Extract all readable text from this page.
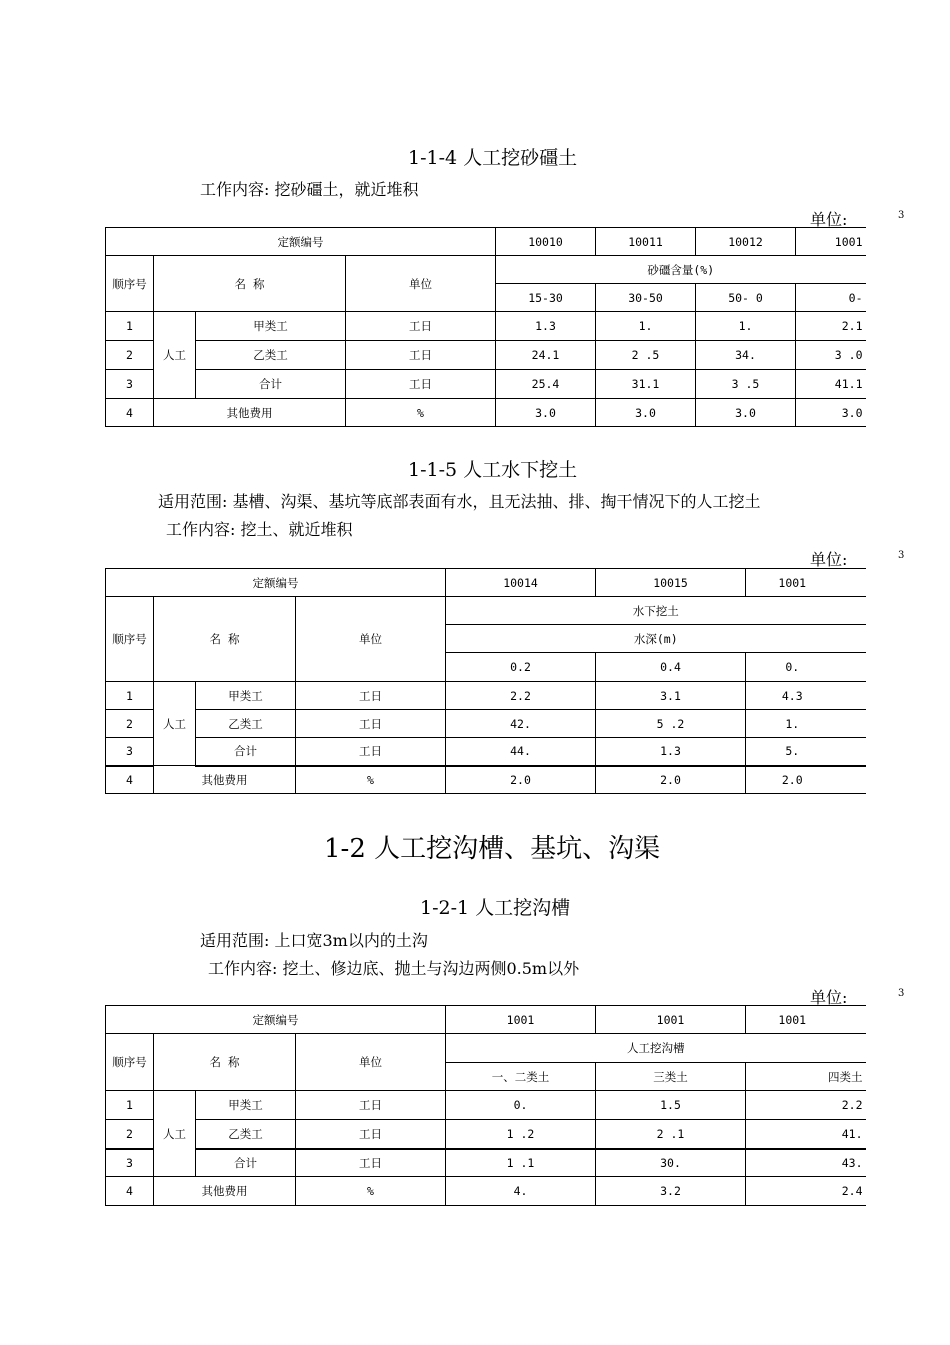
1-1-4 人工挖砂礓土
工作内容: 挖砂礓土，就近堆积
单位:	3
定额编号				10010	10011	10012	1001
顺序号	名 称		单位	砂礓含量(%)			
				15-30	30-50	50- 0	0-
1	人工	甲类工	工日	1.3	1.	1.	2.1
2		乙类工	工日	24.1	2 .5	34.	3 .0
3		合计	工日	25.4	31.1	3 .5	41.1
4	其他费用		%	3.0	3.0	3.0	3.0
1-1-5 人工水下挖土
适用范围: 基槽、沟渠、基坑等底部表面有水，且无法抽、排、掏干情况下的人工挖土
工作内容: 挖土、就近堆积
单位:	3
定额编号				10014	10015	1001
顺序号	名 称		单位	水下挖土		
				水深(m)		
				0.2	0.4	0.
1	人工	甲类工	工日	2.2	3.1	4.3
2		乙类工	工日	42.	5 .2	1.
3		合计	工日	44.	1.3	5.
4	其他费用		%	2.0	2.0	2.0
1-2 人工挖沟槽、基坑、沟渠
1-2-1 人工挖沟槽
适用范围: 上口宽3m以内的土沟
工作内容: 挖土、修边底、抛土与沟边两侧0.5m以外
单位:	3
定额编号				1001	1001	1001
顺序号	名 称		单位	人工挖沟槽		
				一、二类土	三类土	四类土
1	人工	甲类工	工日	0.	1.5	2.2
2		乙类工	工日	1 .2	2 .1	41.
3		合计	工日	1 .1	30.	43.
4	其他费用		%	4.	3.2	2.4
